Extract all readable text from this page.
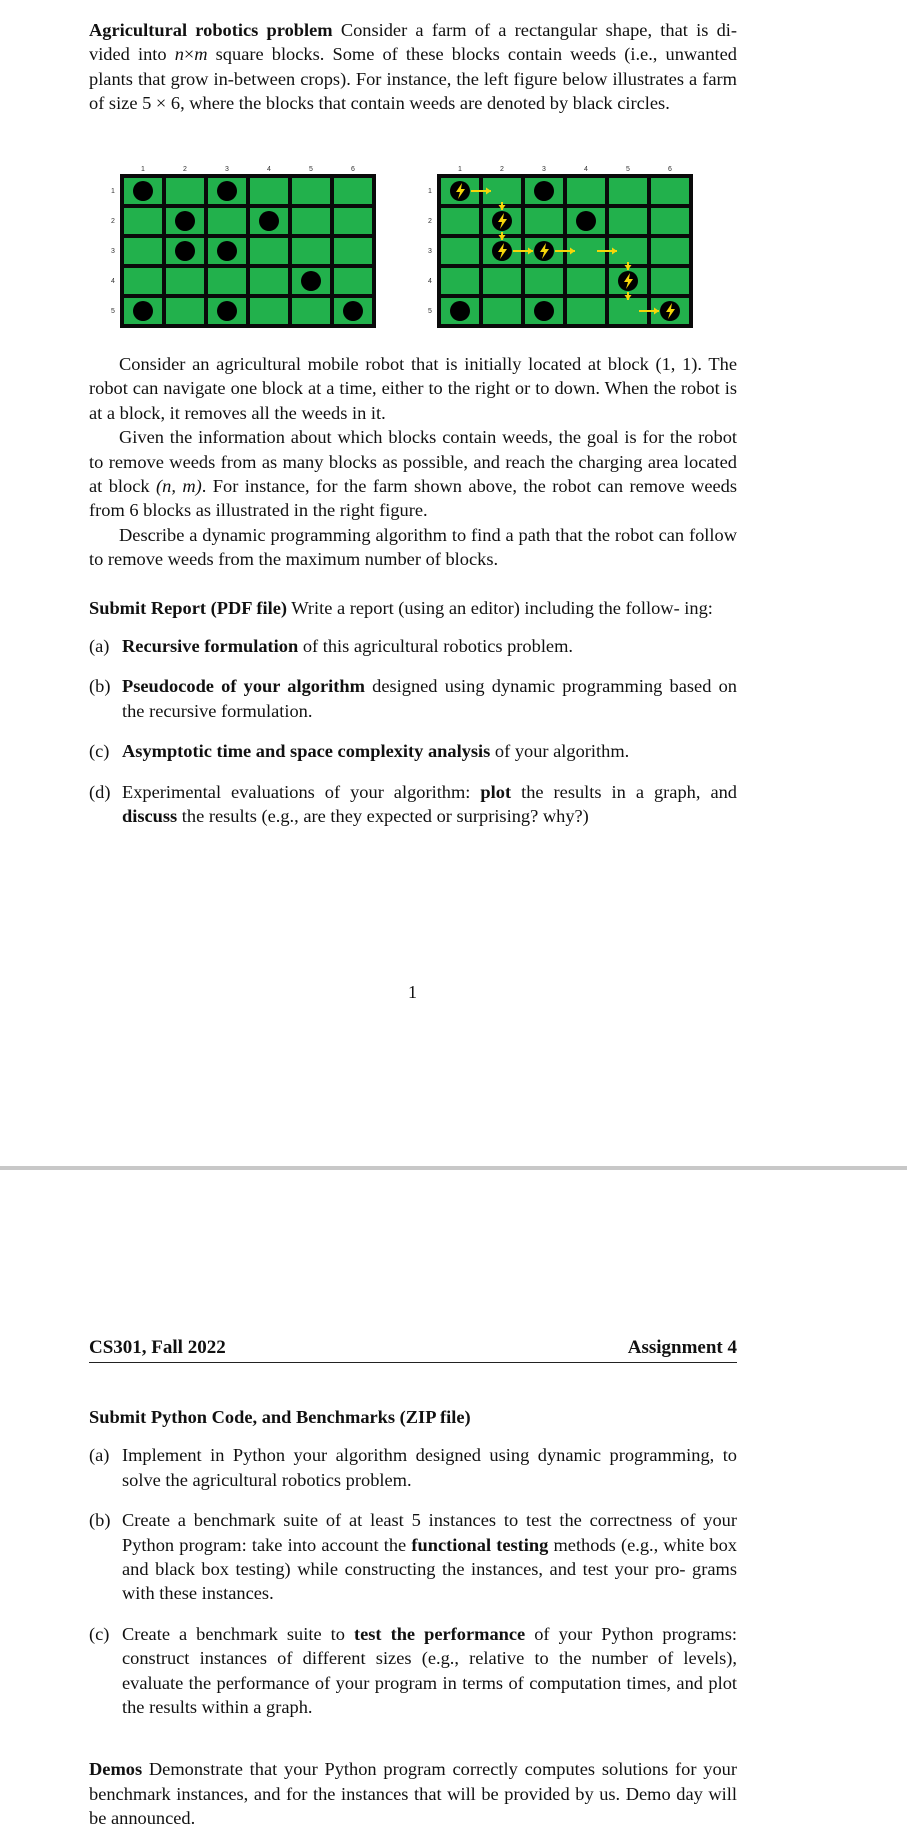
Agricultural robotics problem Consider a farm of a rectangular shape, that is di- vided into n×m square blocks. Some of these blocks contain weeds (i.e., unwanted plants that grow in-between crops). For instance, the left figure below illustrates a farm of size 5 × 6, where the blocks that contain weeds are denoted by black circles.

1	2	3	4	5	6
1
2
3
4
5
1	2	3	4	5	6
1
2
3
4
5

Consider an agricultural mobile robot that is initially located at block (1, 1). The robot can navigate one block at a time, either to the right or to down. When the robot is at a block, it removes all the weeds in it.

Given the information about which blocks contain weeds, the goal is for the robot to remove weeds from as many blocks as possible, and reach the charging area located at block (n, m). For instance, for the farm shown above, the robot can remove weeds from 6 blocks as illustrated in the right figure.

Describe a dynamic programming algorithm to find a path that the robot can follow to remove weeds from the maximum number of blocks.

Submit Report (PDF file) Write a report (using an editor) including the follow- ing:

(a) Recursive formulation of this agricultural robotics problem.
(b) Pseudocode of your algorithm designed using dynamic programming based on the recursive formulation.
(c) Asymptotic time and space complexity analysis of your algorithm.
(d) Experimental evaluations of your algorithm: plot the results in a graph, and discuss the results (e.g., are they expected or surprising? why?)
1
CS301, Fall 2022	Assignment 4

Submit Python Code, and Benchmarks (ZIP file)

(a) Implement in Python your algorithm designed using dynamic programming, to solve the agricultural robotics problem.
(b) Create a benchmark suite of at least 5 instances to test the correctness of your Python program: take into account the functional testing methods (e.g., white box and black box testing) while constructing the instances, and test your pro- grams with these instances.
(c) Create a benchmark suite to test the performance of your Python programs: construct instances of different sizes (e.g., relative to the number of levels), evaluate the performance of your program in terms of computation times, and plot the results within a graph.

Demos Demonstrate that your Python program correctly computes solutions for your benchmark instances, and for the instances that will be provided by us. Demo day will be announced.
